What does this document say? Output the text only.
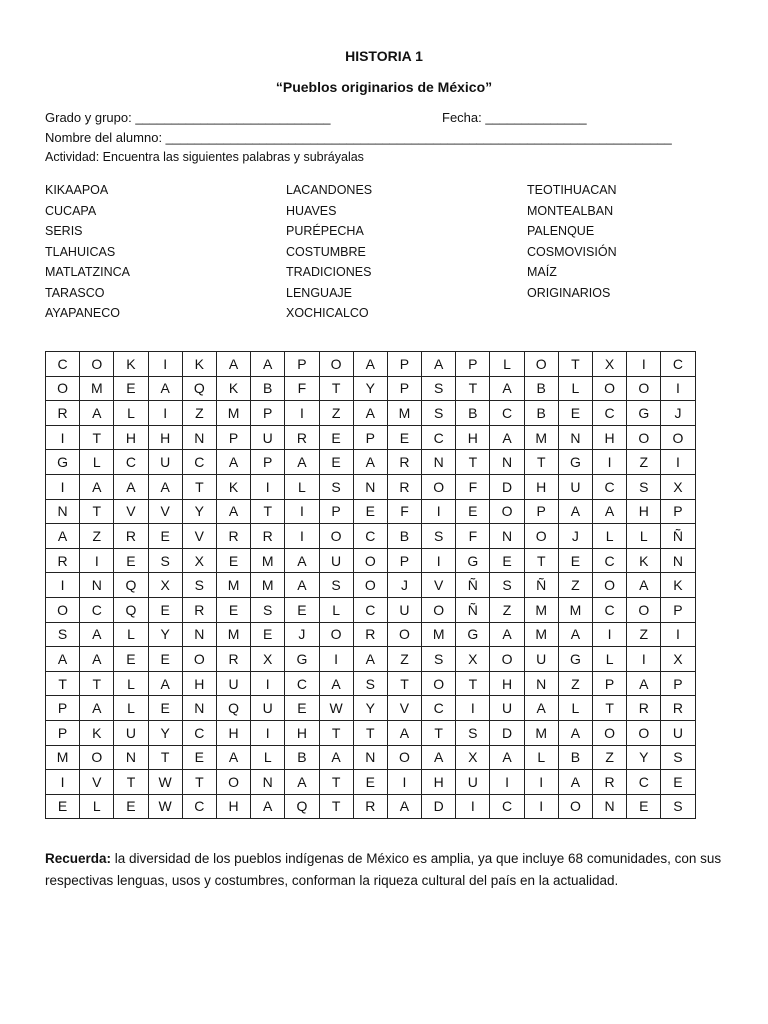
HISTORIA 1
“Pueblos originarios de México”
Grado y grupo: ___________________________	Fecha: ______________
Nombre del alumno: ______________________________________________________________________
Actividad: Encuentra las siguientes palabras y subráyalas
KIKAAPOA
CUCAPA
SERIS
TLAHUICAS
MATLATZINCA
TARASCO
AYAPANECO
LACANDONES
HUAVES
PURÉPECHA
COSTUMBRE
TRADICIONES
LENGUAJE
XOCHICALCO
TEOTIHUACAN
MONTEALBAN
PALENQUE
COSMOVISIÓN
MAÍZ
ORIGINARIOS
C	O	K	I	K	A	A	P	O	A	P	A	P	L	O	T	X	I	C
O	M	E	A	Q	K	B	F	T	Y	P	S	T	A	B	L	O	O	I
R	A	L	I	Z	M	P	I	Z	A	M	S	B	C	B	E	C	G	J
I	T	H	H	N	P	U	R	E	P	E	C	H	A	M	N	H	O	O
G	L	C	U	C	A	P	A	E	A	R	N	T	N	T	G	I	Z	I
I	A	A	A	T	K	I	L	S	N	R	O	F	D	H	U	C	S	X
N	T	V	V	Y	A	T	I	P	E	F	I	E	O	P	A	A	H	P
A	Z	R	E	V	R	R	I	O	C	B	S	F	N	O	J	L	L	Ñ
R	I	E	S	X	E	M	A	U	O	P	I	G	E	T	E	C	K	N
I	N	Q	X	S	M	M	A	S	O	J	V	Ñ	S	Ñ	Z	O	A	K
O	C	Q	E	R	E	S	E	L	C	U	O	Ñ	Z	M	M	C	O	P
S	A	L	Y	N	M	E	J	O	R	O	M	G	A	M	A	I	Z	I
A	A	E	E	O	R	X	G	I	A	Z	S	X	O	U	G	L	I	X
T	T	L	A	H	U	I	C	A	S	T	O	T	H	N	Z	P	A	P
P	A	L	E	N	Q	U	E	W	Y	V	C	I	U	A	L	T	R	R
P	K	U	Y	C	H	I	H	T	T	A	T	S	D	M	A	O	O	U
M	O	N	T	E	A	L	B	A	N	O	A	X	A	L	B	Z	Y	S
I	V	T	W	T	O	N	A	T	E	I	H	U	I	I	A	R	C	E
E	L	E	W	C	H	A	Q	T	R	A	D	I	C	I	O	N	E	S
Recuerda: la diversidad de los pueblos indígenas de México es amplia, ya que incluye 68 comunidades, con sus respectivas lenguas, usos y costumbres, conforman la riqueza cultural del país en la actualidad.
